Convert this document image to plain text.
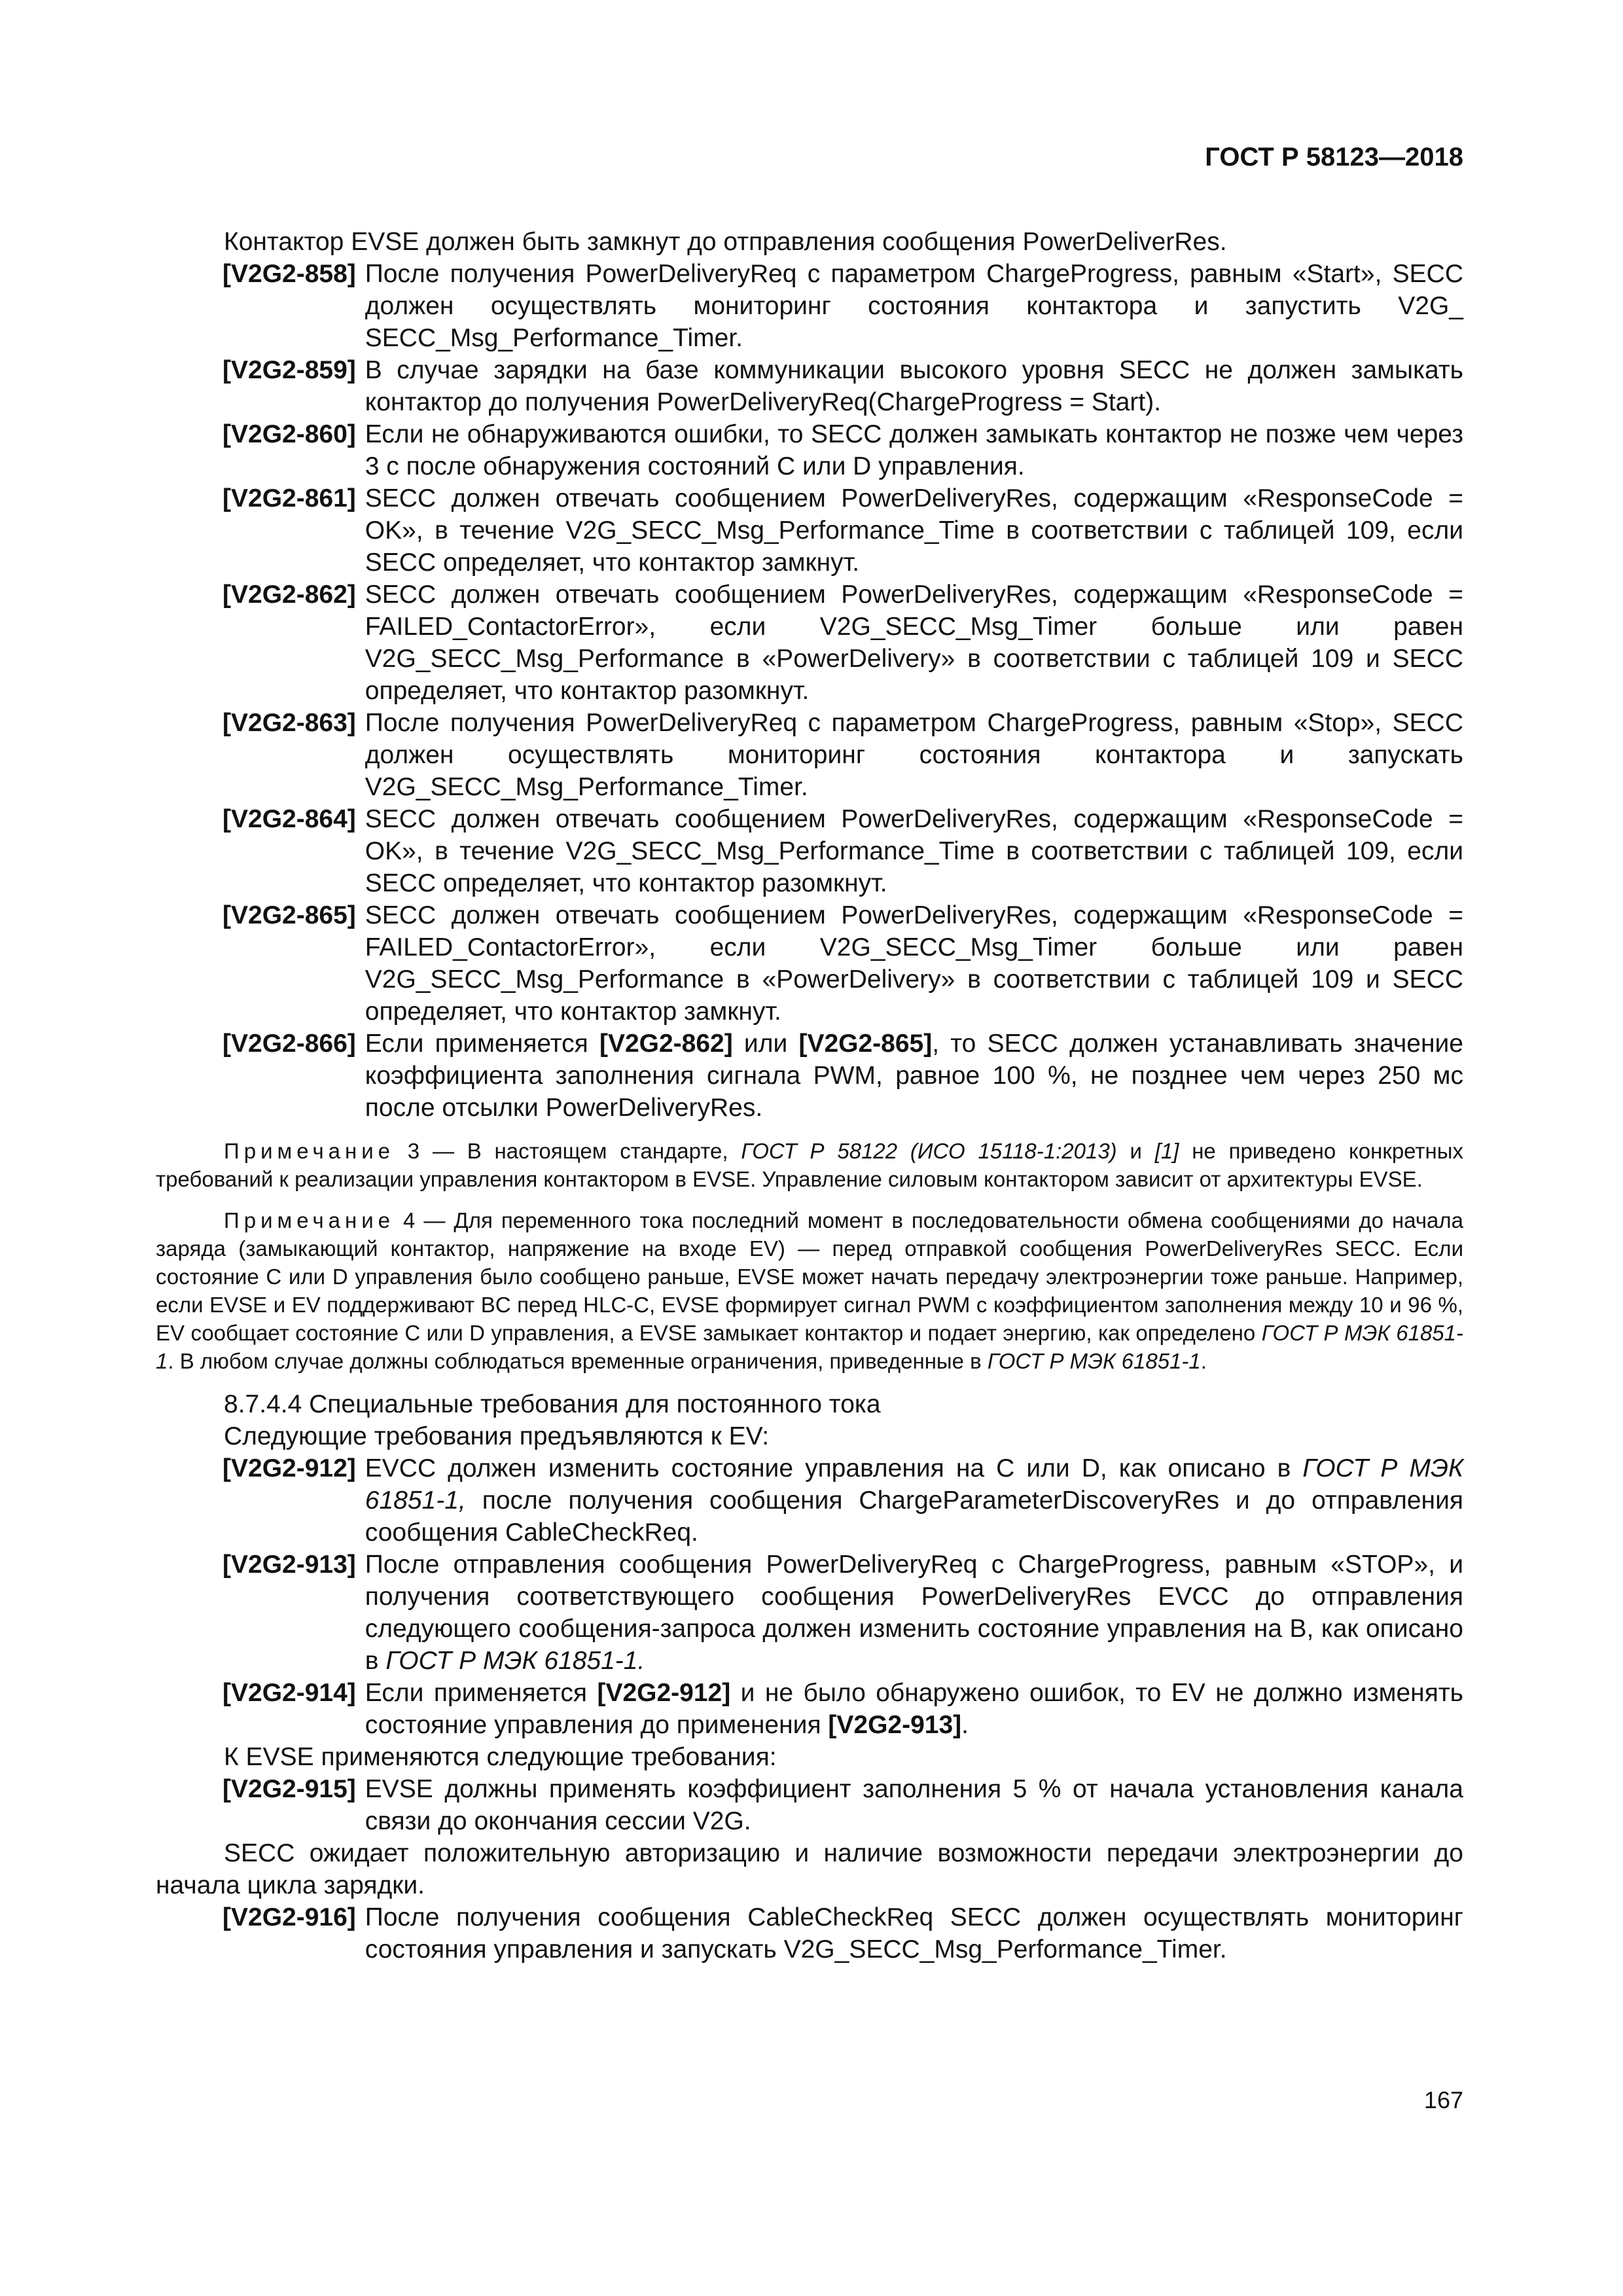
ГОСТ Р 58123—2018
Контактор EVSE должен быть замкнут до отправления сообщения PowerDeliverRes.
[V2G2-858] После получения PowerDeliveryReq с параметром ChargeProgress, равным «Start», SECC должен осуществлять мониторинг состояния контактора и запустить V2G_ SECC_Msg_Performance_Timer.
[V2G2-859] В случае зарядки на базе коммуникации высокого уровня SECC не должен замыкать контактор до получения PowerDeliveryReq(ChargeProgress = Start).
[V2G2-860] Если не обнаруживаются ошибки, то SECC должен замыкать контактор не позже чем через 3 с после обнаружения состояний C или D управления.
[V2G2-861] SECC должен отвечать сообщением PowerDeliveryRes, содержащим «ResponseCode = OK», в течение V2G_SECC_Msg_Performance_Time в соответствии с таблицей 109, если SECC определяет, что контактор замкнут.
[V2G2-862] SECC должен отвечать сообщением PowerDeliveryRes, содержащим «ResponseCode = FAILED_ContactorError», если V2G_SECC_Msg_Timer больше или равен V2G_SECC_Msg_Performance в «PowerDelivery» в соответствии с таблицей 109 и SECC определяет, что контактор разомкнут.
[V2G2-863] После получения PowerDeliveryReq с параметром ChargeProgress, равным «Stop», SECC должен осуществлять мониторинг состояния контактора и запускать V2G_SECC_Msg_Performance_Timer.
[V2G2-864] SECC должен отвечать сообщением PowerDeliveryRes, содержащим «ResponseCode = OK», в течение V2G_SECC_Msg_Performance_Time в соответствии с таблицей 109, если SECC определяет, что контактор разомкнут.
[V2G2-865] SECC должен отвечать сообщением PowerDeliveryRes, содержащим «ResponseCode = FAILED_ContactorError», если V2G_SECC_Msg_Timer больше или равен V2G_SECC_Msg_Performance в «PowerDelivery» в соответствии с таблицей 109 и SECC определяет, что контактор замкнут.
[V2G2-866] Если применяется [V2G2-862] или [V2G2-865], то SECC должен устанавливать значение коэффициента заполнения сигнала PWM, равное 100 %, не позднее чем через 250 мс после отсылки PowerDeliveryRes.
Примечание 3 — В настоящем стандарте, ГОСТ Р 58122 (ИСО 15118-1:2013) и [1] не приведено конкретных требований к реализации управления контактором в EVSE. Управление силовым контактором зависит от архитектуры EVSE.
Примечание 4 — Для переменного тока последний момент в последовательности обмена сообщениями до начала заряда (замыкающий контактор, напряжение на входе EV) — перед отправкой сообщения PowerDeliveryRes SECC. Если состояние C или D управления было сообщено раньше, EVSE может начать передачу электроэнергии тоже раньше. Например, если EVSE и EV поддерживают BC перед HLC-C, EVSE формирует сигнал PWM с коэффициентом заполнения между 10 и 96 %, EV сообщает состояние C или D управления, а EVSE замыкает контактор и подает энергию, как определено ГОСТ Р МЭК 61851-1. В любом случае должны соблюдаться временные ограничения, приведенные в ГОСТ Р МЭК 61851-1.
8.7.4.4 Специальные требования для постоянного тока
Следующие требования предъявляются к EV:
[V2G2-912] EVCC должен изменить состояние управления на C или D, как описано в ГОСТ Р МЭК 61851-1, после получения сообщения ChargeParameterDiscoveryRes и до отправления сообщения CableCheckReq.
[V2G2-913] После отправления сообщения PowerDeliveryReq с ChargeProgress, равным «STOP», и получения соответствующего сообщения PowerDeliveryRes EVCC до отправления следующего сообщения-запроса должен изменить состояние управления на B, как описано в ГОСТ Р МЭК 61851-1.
[V2G2-914] Если применяется [V2G2-912] и не было обнаружено ошибок, то EV не должно изменять состояние управления до применения [V2G2-913].
К EVSE применяются следующие требования:
[V2G2-915] EVSE должны применять коэффициент заполнения 5 % от начала установления канала связи до окончания сессии V2G.
SECC ожидает положительную авторизацию и наличие возможности передачи электроэнергии до начала цикла зарядки.
[V2G2-916] После получения сообщения CableCheckReq SECC должен осуществлять мониторинг состояния управления и запускать V2G_SECC_Msg_Performance_Timer.
167
